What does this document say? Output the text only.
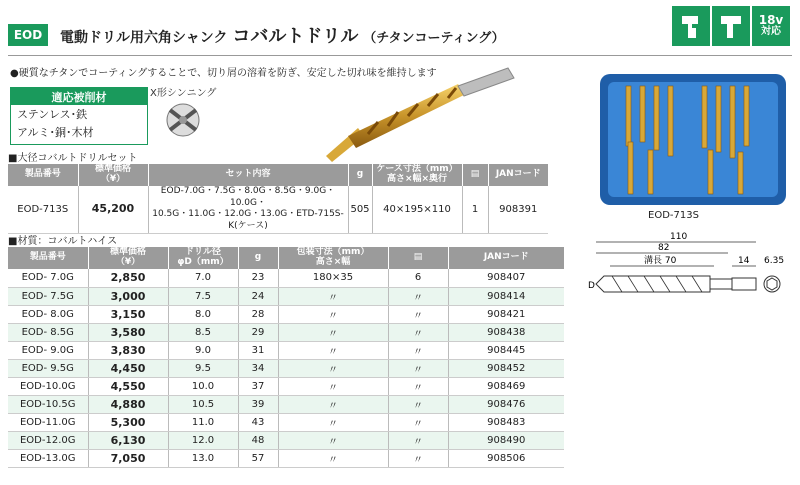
EOD	電動ドリル用六角シャンク コバルトドリル （チタンコーティング）
18v
対応
●硬質なチタンでコーティングすることで、切り屑の溶着を防ぎ、安定した切れ味を維持します
適応被削材
ステンレス･鉄
アルミ･銅･木材
X形シンニング
EOD-713S
■大径コバルトドリルセット
製品番号	標準価格
（¥）	セット内容	g	ケース寸法（mm）
高さ×幅×奥行	▤	JANコード
EOD-713S	45,200	EOD-7.0G・7.5G・8.0G・8.5G・9.0G・10.0G・
10.5G・11.0G・12.0G・13.0G・ETD-715S-K(ケース)	505	40×195×110	1	908391
■材質：コバルトハイス
製品番号	標準価格
（¥）	ドリル径
φD（mm）	g	包装寸法（mm）
高さ×幅	▤	JANコード
EOD- 7.0G	2,850	7.0	23	180×35	6	908407
EOD- 7.5G	3,000	7.5	24	〃	〃	908414
EOD- 8.0G	3,150	8.0	28	〃	〃	908421
EOD- 8.5G	3,580	8.5	29	〃	〃	908438
EOD- 9.0G	3,830	9.0	31	〃	〃	908445
EOD- 9.5G	4,450	9.5	34	〃	〃	908452
EOD-10.0G	4,550	10.0	37	〃	〃	908469
EOD-10.5G	4,880	10.5	39	〃	〃	908476
EOD-11.0G	5,300	11.0	43	〃	〃	908483
EOD-12.0G	6,130	12.0	48	〃	〃	908490
EOD-13.0G	7,050	13.0	57	〃	〃	908506
110
82
溝長 70	14 6.35
D
